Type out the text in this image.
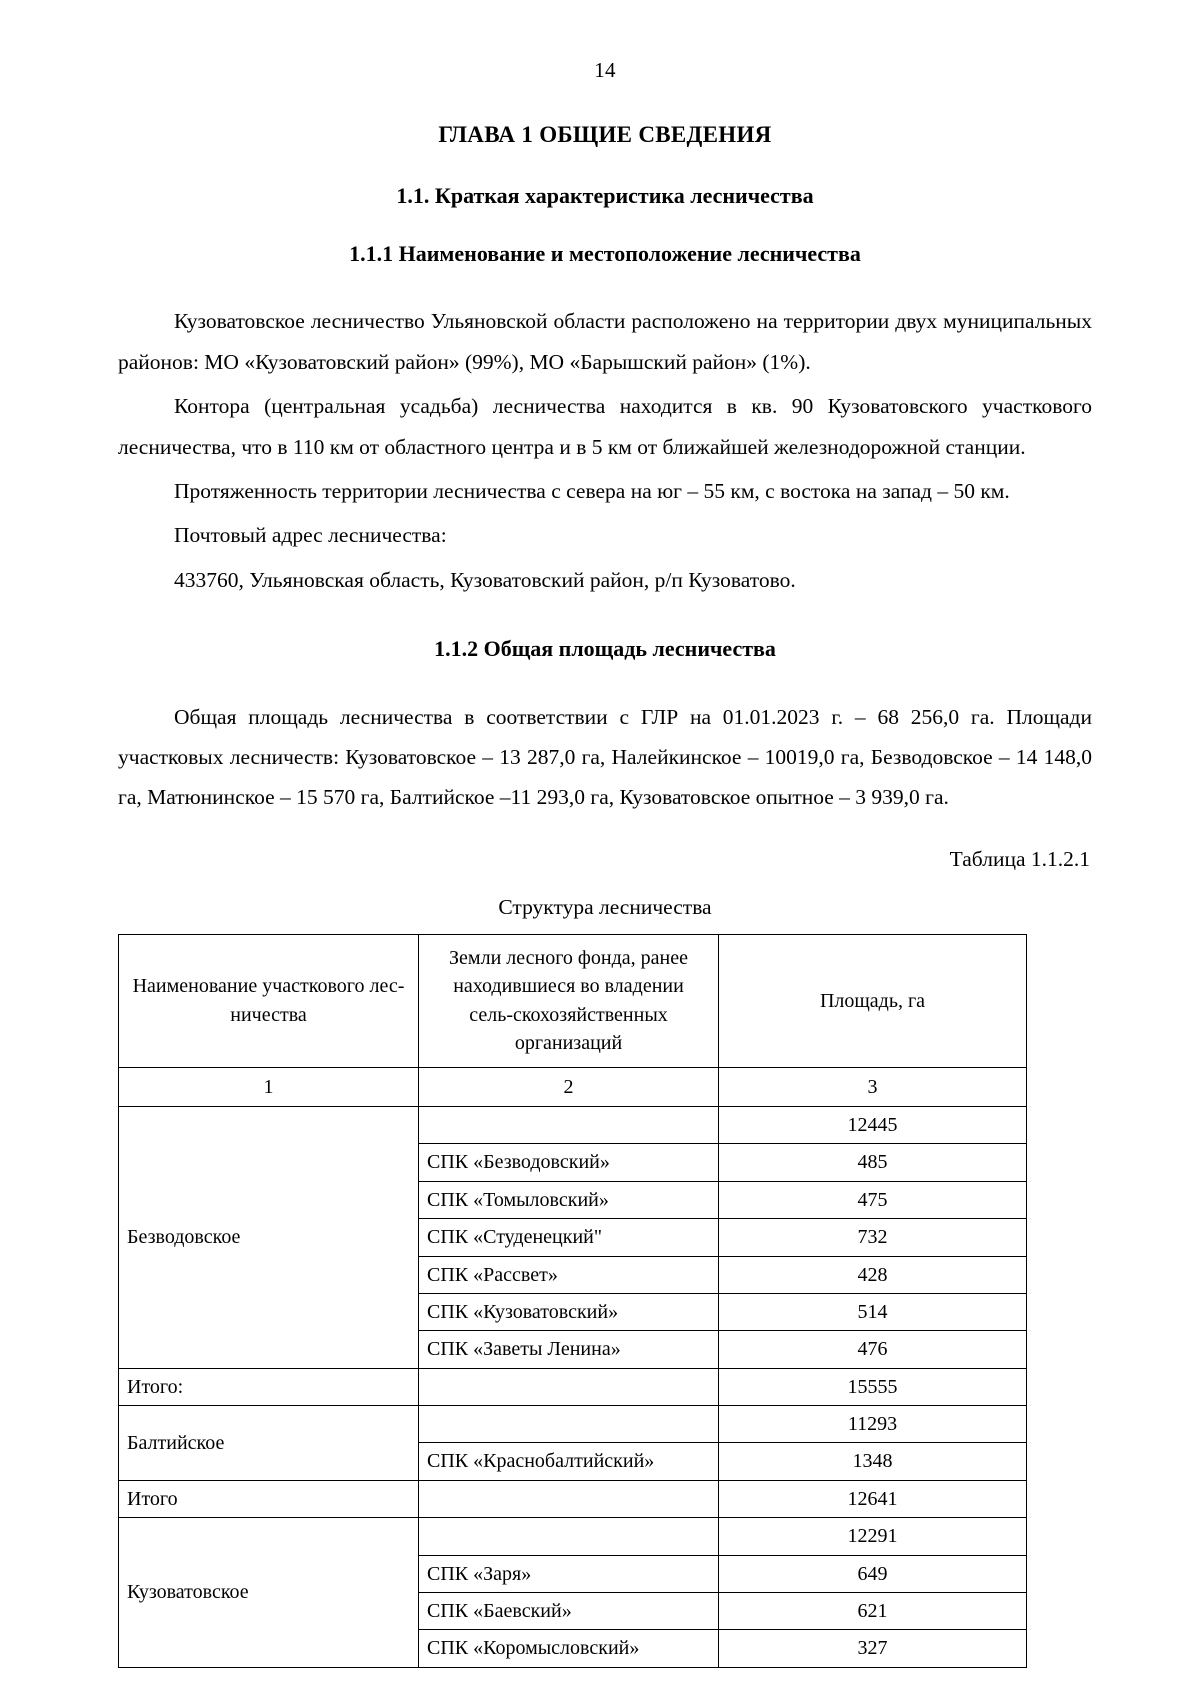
14
ГЛАВА 1 ОБЩИЕ СВЕДЕНИЯ
1.1. Краткая характеристика лесничества
1.1.1 Наименование и местоположение лесничества

Кузоватовское лесничество Ульяновской области расположено на территории двух муниципальных районов: МО «Кузоватовский район» (99%), МО «Барышский район» (1%).

Контора (центральная усадьба) лесничества находится в кв. 90 Кузоватовского участкового лесничества, что в 110 км от областного центра и в 5 км от ближайшей железнодорожной станции.

Протяженность территории лесничества с севера на юг – 55 км, с востока на запад – 50 км.

Почтовый адрес лесничества:

433760, Ульяновская область, Кузоватовский район, р/п Кузоватово.

1.1.2 Общая площадь лесничества

Общая площадь лесничества в соответствии с ГЛР на 01.01.2023 г. – 68 256,0 га. Площади участковых лесничеств: Кузоватовское – 13 287,0 га, Налейкинское – 10019,0 га, Безводовское – 14 148,0 га, Матюнинское – 15 570 га, Балтийское –11 293,0 га, Кузоватовское опытное – 3 939,0 га.

Таблица 1.1.2.1
Структура лесничества
Наименование участкового лес-​ничества	Земли лесного фонда, ранее находившиеся во владении сель-​скохозяйственных организаций	Площадь, га
1	2	3
Безводовское		12445
	СПК «Безводовский»	485
	СПК «Томыловский»	475
	СПК «Студенецкий"	732
	СПК «Рассвет»	428
	СПК «Кузоватовский»	514
	СПК «Заветы Ленина»	476
Итого:		15555
Балтийское		11293
	СПК «Краснобалтийский»	1348
Итого		12641
Кузоватовское		12291
	СПК «Заря»	649
	СПК «Баевский»	621
	СПК «Коромысловский»	327
